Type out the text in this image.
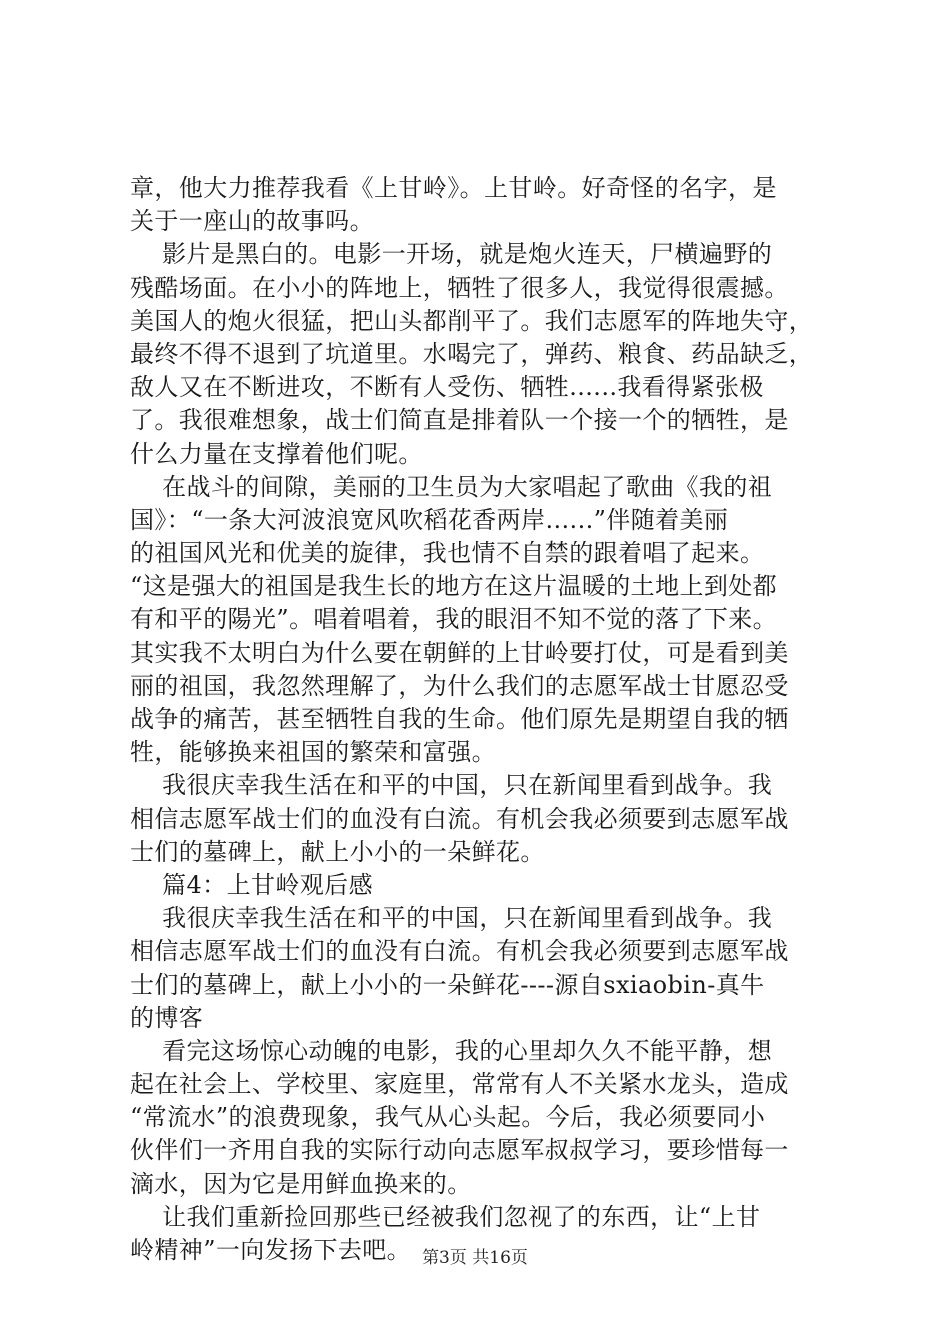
章，他大力推荐我看《上甘岭》。上甘岭。好奇怪的名字，是
关于一座山的故事吗。
影片是黑白的。电影一开场，就是炮火连天，尸横遍野的
残酷场面。在小小的阵地上，牺牲了很多人，我觉得很震撼。
美国人的炮火很猛，把山头都削平了。我们志愿军的阵地失守，
最终不得不退到了坑道里。水喝完了，弹药、粮食、药品缺乏，
敌人又在不断进攻，不断有人受伤、牺牲......我看得紧张极
了。我很难想象，战士们简直是排着队一个接一个的牺牲，是
什么力量在支撑着他们呢。
在战斗的间隙，美丽的卫生员为大家唱起了歌曲《我的祖
国》：“一条大河波浪宽风吹稻花香两岸......”伴随着美丽
的祖国风光和优美的旋律，我也情不自禁的跟着唱了起来。
“这是强大的祖国是我生长的地方在这片温暖的土地上到处都
有和平的陽光”。唱着唱着，我的眼泪不知不觉的落了下来。
其实我不太明白为什么要在朝鲜的上甘岭要打仗，可是看到美
丽的祖国，我忽然理解了，为什么我们的志愿军战士甘愿忍受
战争的痛苦，甚至牺牲自我的生命。他们原先是期望自我的牺
牲，能够换来祖国的繁荣和富强。
我很庆幸我生活在和平的中国，只在新闻里看到战争。我
相信志愿军战士们的血没有白流。有机会我必须要到志愿军战
士们的墓碑上，献上小小的一朵鲜花。
篇4：上甘岭观后感
我很庆幸我生活在和平的中国，只在新闻里看到战争。我
相信志愿军战士们的血没有白流。有机会我必须要到志愿军战
士们的墓碑上，献上小小的一朵鲜花----源自sxiaobin-真牛
的博客
看完这场惊心动魄的电影，我的心里却久久不能平静，想
起在社会上、学校里、家庭里，常常有人不关紧水龙头，造成
“常流水”的浪费现象，我气从心头起。今后，我必须要同小
伙伴们一齐用自我的实际行动向志愿军叔叔学习，要珍惜每一
滴水，因为它是用鲜血换来的。
让我们重新捡回那些已经被我们忽视了的东西，让“上甘
岭精神”一向发扬下去吧。 第3页 共16页
